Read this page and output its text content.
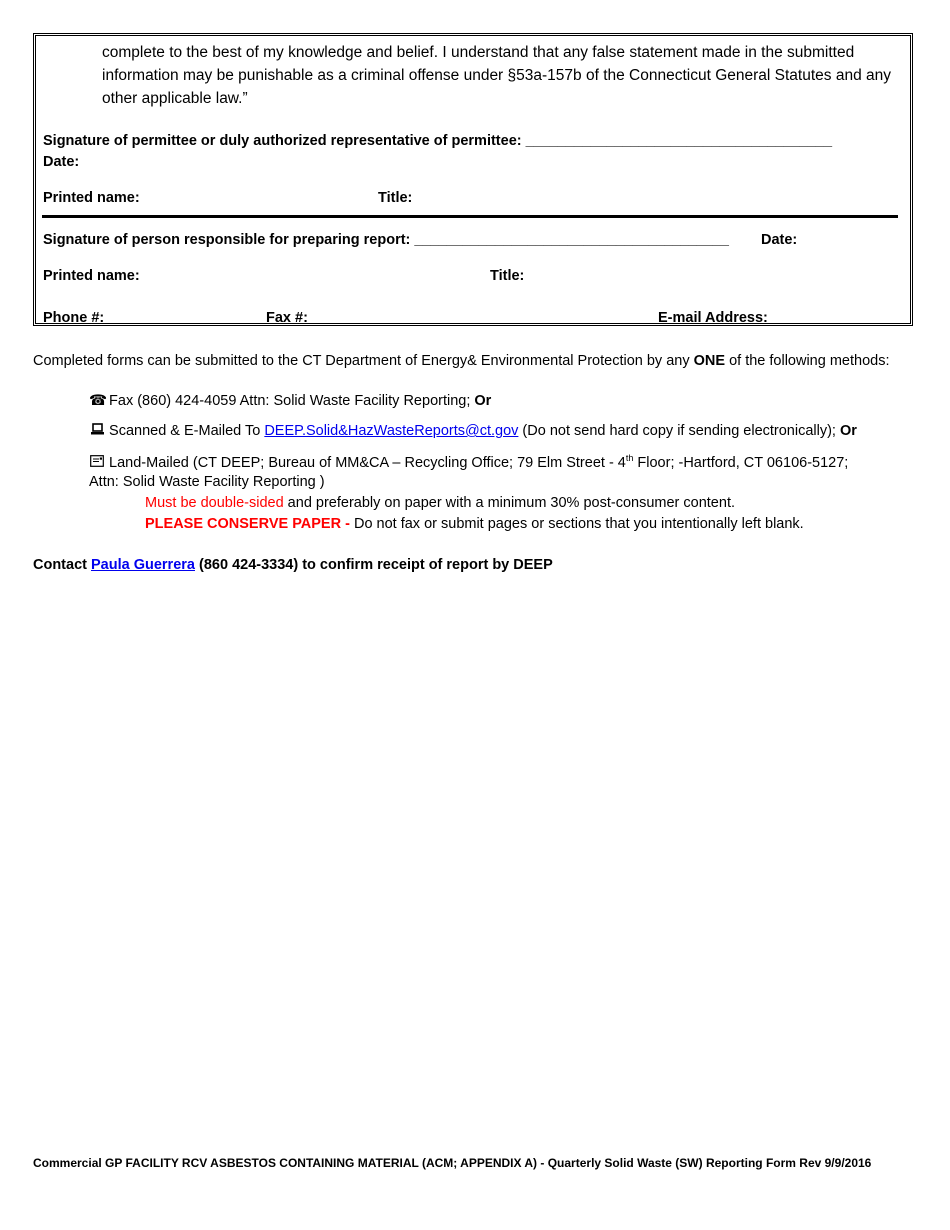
complete to the best of my knowledge and belief. I understand that any false statement made in the submitted information may be punishable as a criminal offense under §53a-157b of the Connecticut General Statutes and any other applicable law.”
Signature of permittee or duly authorized representative of permittee: ______________________________________
Date:
Printed name:	Title:
Signature of person responsible for preparing report: _______________________________________ Date:
Printed name:	Title:
Phone #:	Fax #:	E-mail Address:
Completed forms can be submitted to the CT Department of Energy& Environmental Protection by any ONE of the following methods:
☎ Fax (860) 424-4059 Attn: Solid Waste Facility Reporting; Or
Scanned & E-Mailed To DEEP.Solid&HazWasteReports@ct.gov (Do not send hard copy if sending electronically); Or
Land-Mailed (CT DEEP; Bureau of MM&CA – Recycling Office; 79 Elm Street - 4th Floor; -Hartford, CT 06106-5127;
Attn: Solid Waste Facility Reporting )
Must be double-sided and preferably on paper with a minimum 30% post-consumer content.
PLEASE CONSERVE PAPER - Do not fax or submit pages or sections that you intentionally left blank.
Contact Paula Guerrera (860 424-3334) to confirm receipt of report by DEEP
Commercial GP FACILITY RCV ASBESTOS CONTAINING MATERIAL (ACM; APPENDIX A) - Quarterly Solid Waste (SW) Reporting Form Rev 9/9/2016
